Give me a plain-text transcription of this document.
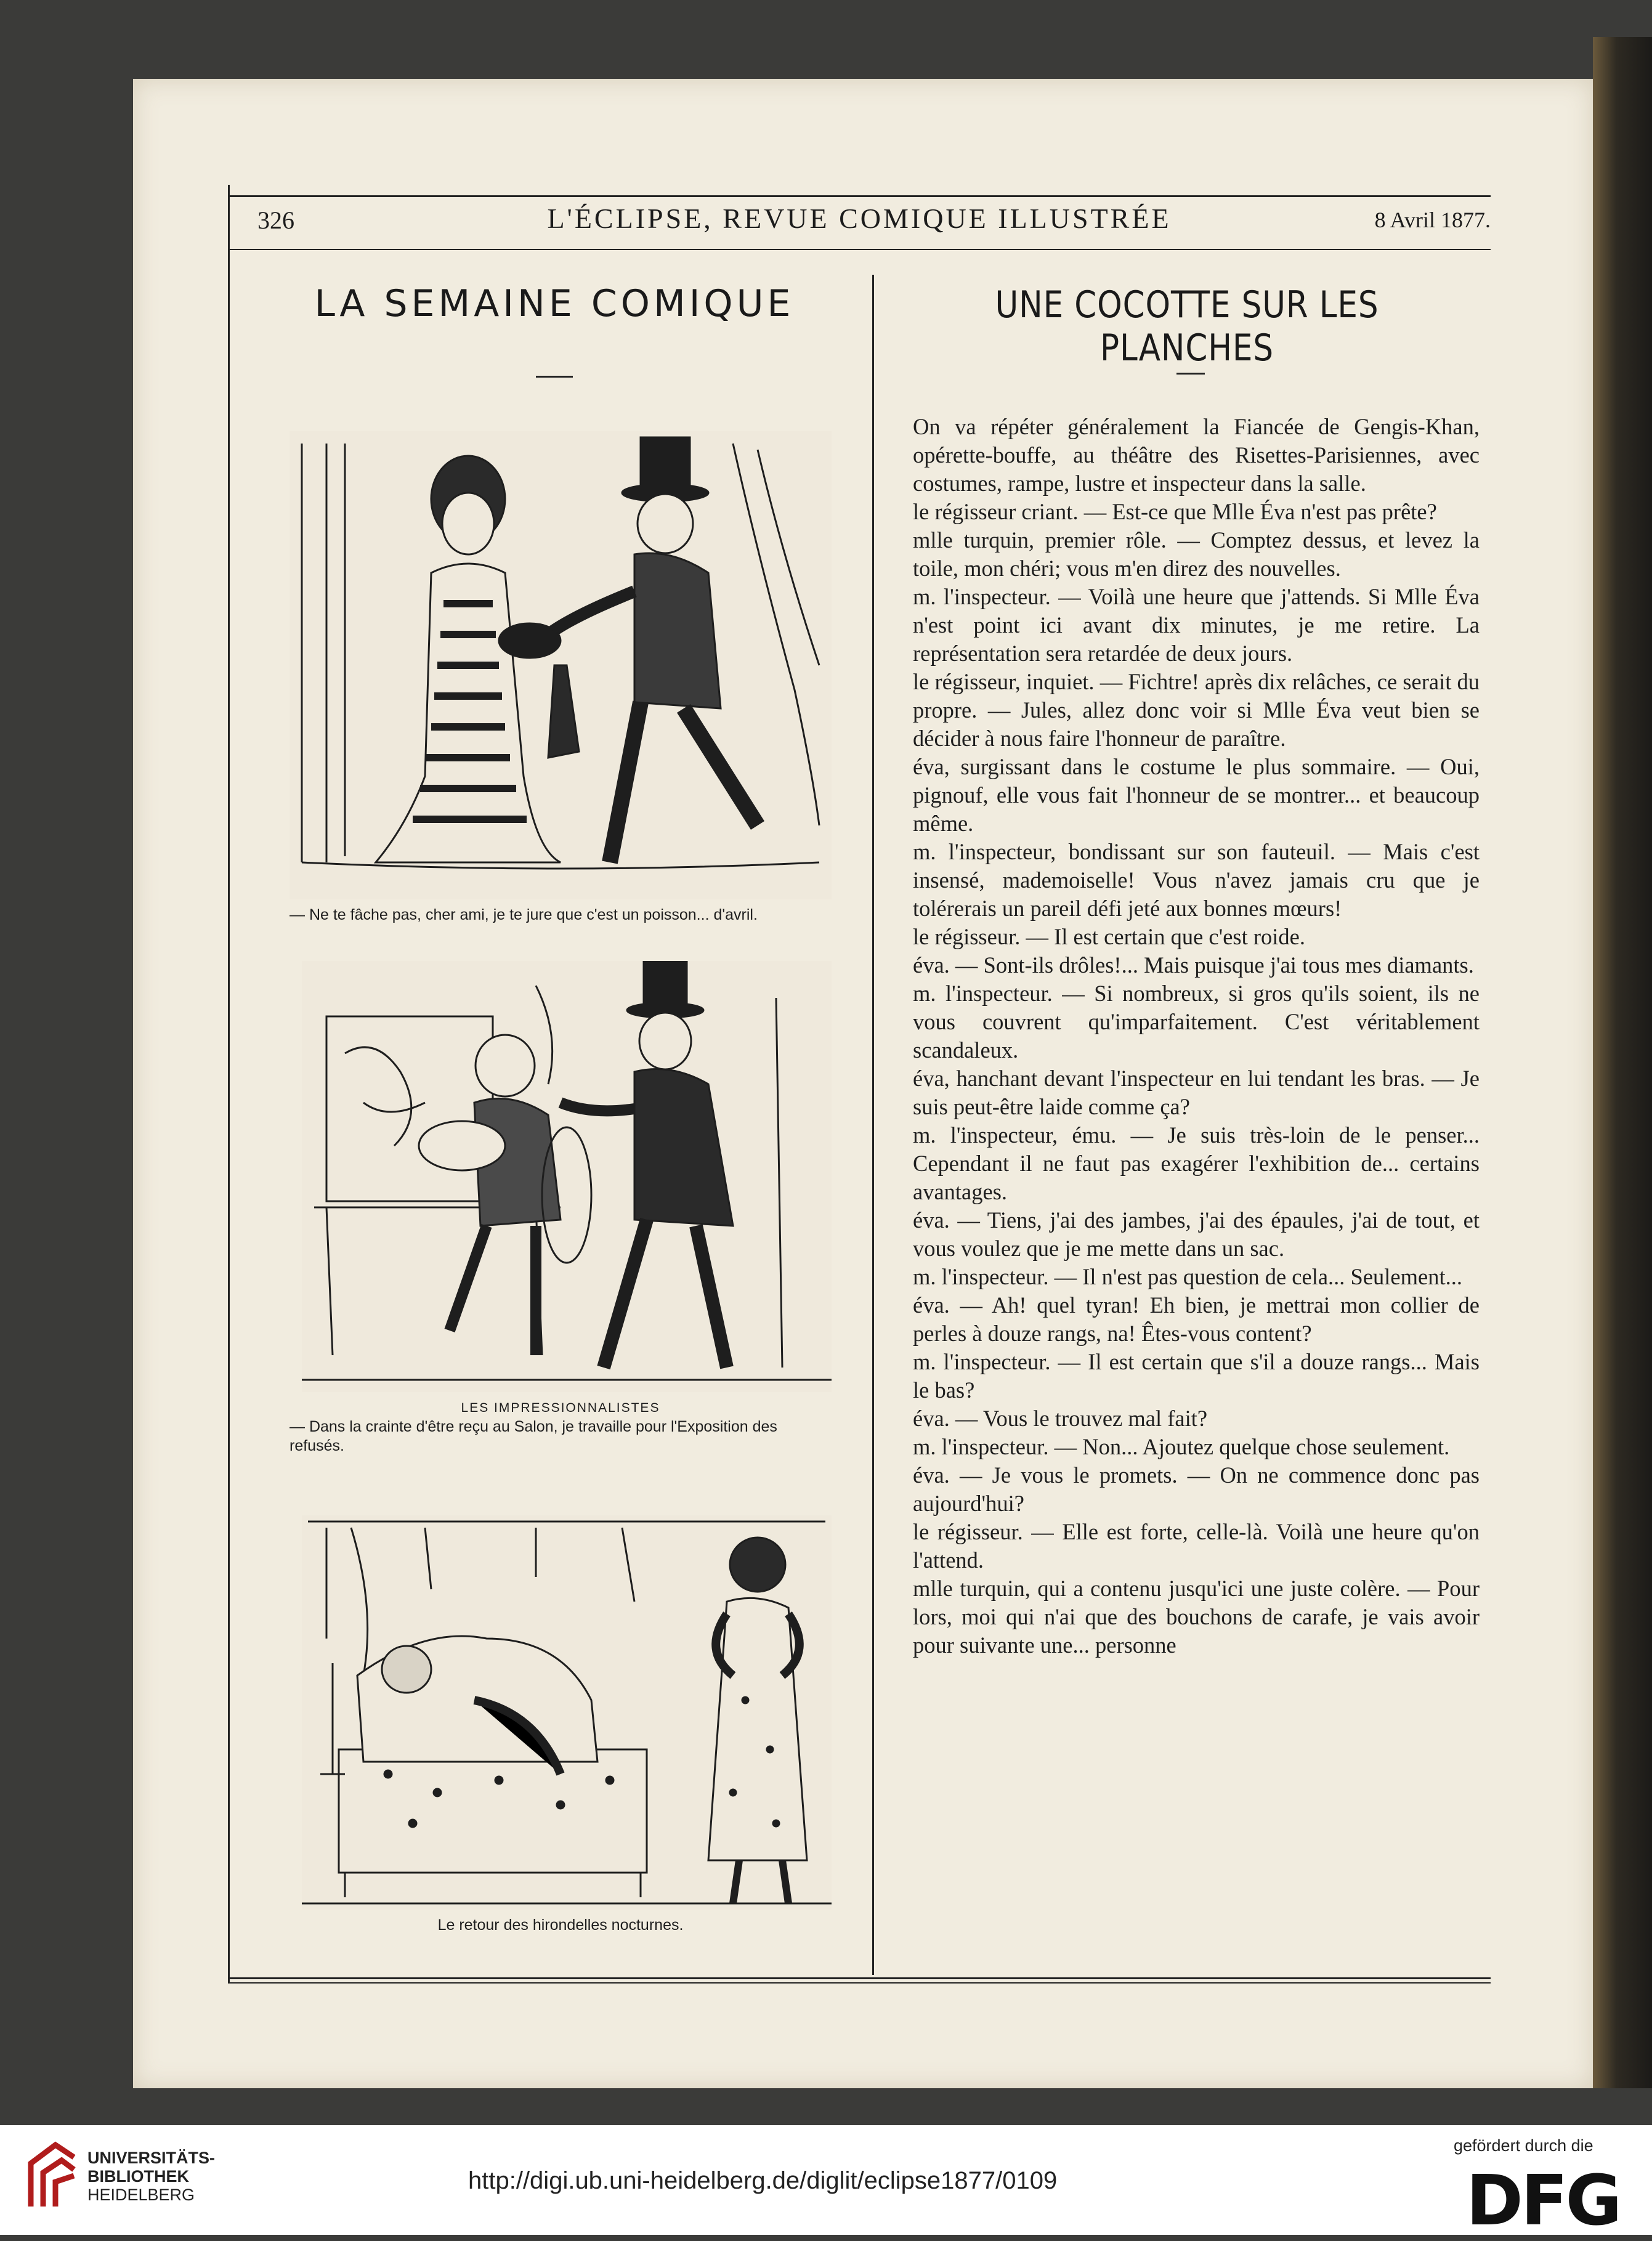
326	L'ÉCLIPSE, REVUE COMIQUE ILLUSTRÉE	8 Avril 1877.
LA SEMAINE COMIQUE
— Ne te fâche pas, cher ami, je te jure que c'est un poisson... d'avril.
LES IMPRESSIONNALISTES
— Dans la crainte d'être reçu au Salon, je travaille pour l'Exposition des refusés.
Le retour des hirondelles nocturnes.
UNE COCOTTE SUR LES PLANCHES
On va répéter généralement la Fiancée de Gengis-Khan, opérette-bouffe, au théâtre des Risettes-Parisiennes, avec costumes, rampe, lustre et inspecteur dans la salle.
le régisseur criant. — Est-ce que Mlle Éva n'est pas prête?
mlle turquin, premier rôle. — Comptez dessus, et levez la toile, mon chéri; vous m'en direz des nouvelles.
m. l'inspecteur. — Voilà une heure que j'attends. Si Mlle Éva n'est point ici avant dix minutes, je me retire. La représentation sera retardée de deux jours.
le régisseur, inquiet. — Fichtre! après dix relâches, ce serait du propre. — Jules, allez donc voir si Mlle Éva veut bien se décider à nous faire l'honneur de paraître.
éva, surgissant dans le costume le plus sommaire. — Oui, pignouf, elle vous fait l'honneur de se montrer... et beaucoup même.
m. l'inspecteur, bondissant sur son fauteuil. — Mais c'est insensé, mademoiselle! Vous n'avez jamais cru que je tolérerais un pareil défi jeté aux bonnes mœurs!
le régisseur. — Il est certain que c'est roide.
éva. — Sont-ils drôles!... Mais puisque j'ai tous mes diamants.
m. l'inspecteur. — Si nombreux, si gros qu'ils soient, ils ne vous couvrent qu'imparfaitement. C'est véritablement scandaleux.
éva, hanchant devant l'inspecteur en lui tendant les bras. — Je suis peut-être laide comme ça?
m. l'inspecteur, ému. — Je suis très-loin de le penser... Cependant il ne faut pas exagérer l'exhibition de... certains avantages.
éva. — Tiens, j'ai des jambes, j'ai des épaules, j'ai de tout, et vous voulez que je me mette dans un sac.
m. l'inspecteur. — Il n'est pas question de cela... Seulement...
éva. — Ah! quel tyran! Eh bien, je mettrai mon collier de perles à douze rangs, na! Êtes-vous content?
m. l'inspecteur. — Il est certain que s'il a douze rangs... Mais le bas?
éva. — Vous le trouvez mal fait?
m. l'inspecteur. — Non... Ajoutez quelque chose seulement.
éva. — Je vous le promets. — On ne commence donc pas aujourd'hui?
le régisseur. — Elle est forte, celle-là. Voilà une heure qu'on l'attend.
mlle turquin, qui a contenu jusqu'ici une juste colère. — Pour lors, moi qui n'ai que des bouchons de carafe, je vais avoir pour suivante une... personne
UNIVERSITÄTS-
BIBLIOTHEK
HEIDELBERG
http://digi.ub.uni-heidelberg.de/diglit/eclipse1877/0109
gefördert durch die
DFG
